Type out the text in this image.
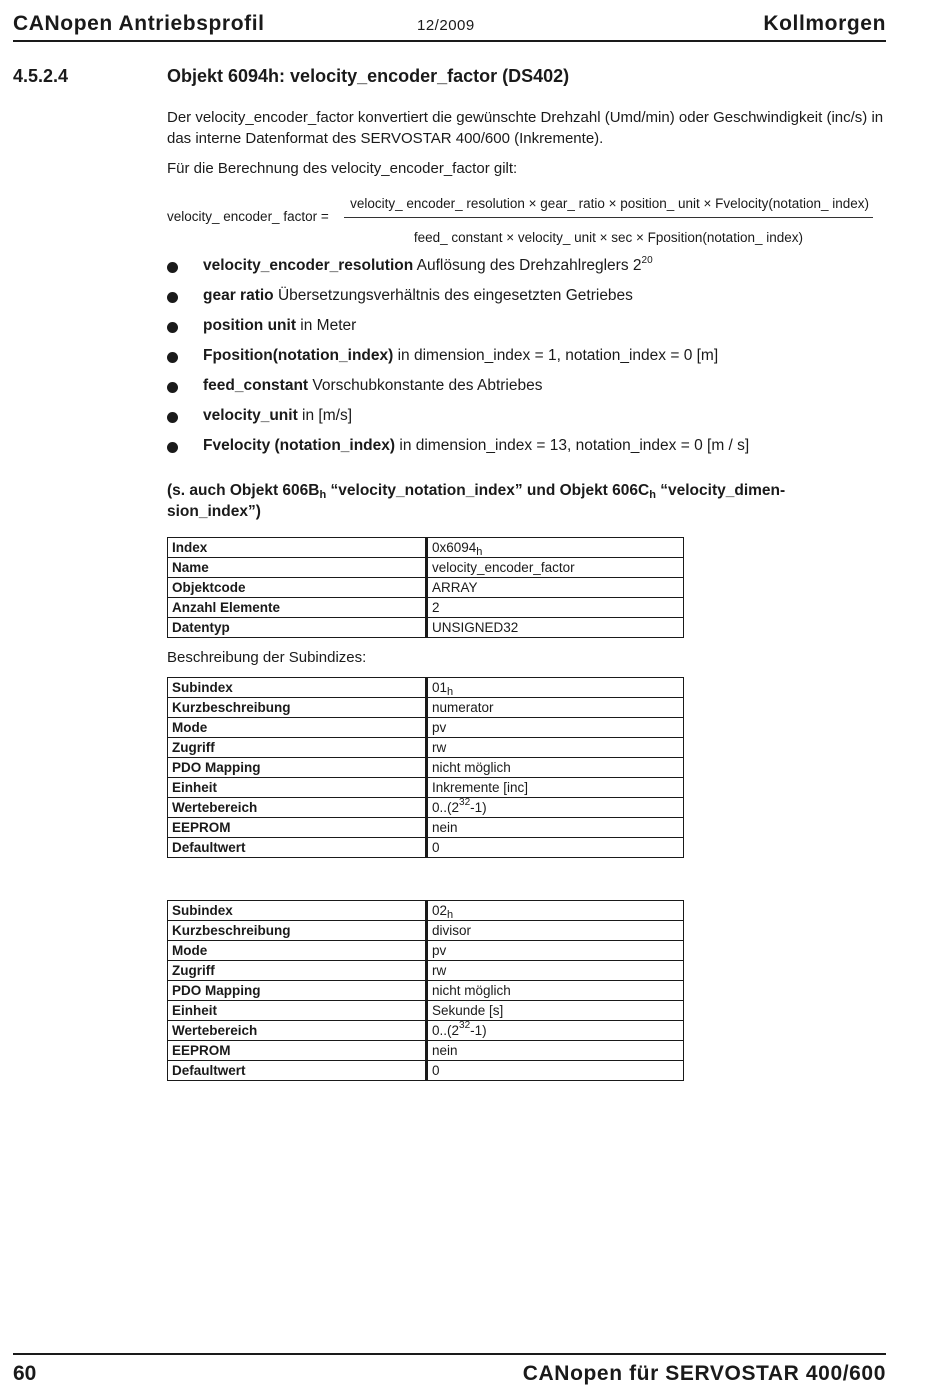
CANopen Antriebsprofil	12/2009	Kollmorgen
4.5.2.4	Objekt 6094h: velocity_encoder_factor (DS402)

Der velocity_encoder_factor konvertiert die gewünschte Drehzahl (Umd/min) oder Geschwindigkeit (inc/s) in das interne Datenformat des SERVOSTAR 400/600 (Inkremente).

Für die Berechnung des velocity_encoder_factor gilt:

velocity_ encoder_ factor =
velocity_ encoder_ resolution × gear_ ratio × position_ unit × Fvelocity(notation_ index)
feed_ constant × velocity_ unit × sec × Fposition(notation_ index)
velocity_encoder_resolution Auflösung des Drehzahlreglers $2^{20}$
gear ratio Übersetzungsverhältnis des eingesetzten Getriebes
position unit in Meter
Fposition(notation_index) in dimension_index = 1, notation_index = 0 [m]
feed_constant Vorschubkonstante des Abtriebes
velocity_unit in [m/s]
Fvelocity (notation_index) in dimension_index = 13, notation_index = 0 [m / s]
(s. auch Objekt $606B_h$ “velocity_notation_index” und Objekt $606C_h$ “velocity_dimen-sion_index”)
Index	$0x6094_h$
Name	velocity_encoder_factor
Objektcode	ARRAY
Anzahl Elemente	2
Datentyp	UNSIGNED32
Beschreibung der Subindizes:
Subindex	$01_h$
Kurzbeschreibung	numerator
Mode	pv
Zugriff	rw
PDO Mapping	nicht möglich
Einheit	Inkremente [inc]
Wertebereich	$0..(2^{32}-1)$
EEPROM	nein
Defaultwert	0
Subindex	$02_h$
Kurzbeschreibung	divisor
Mode	pv
Zugriff	rw
PDO Mapping	nicht möglich
Einheit	Sekunde [s]
Wertebereich	$0..(2^{32}-1)$
EEPROM	nein
Defaultwert	0
60	CANopen für SERVOSTAR 400/600
